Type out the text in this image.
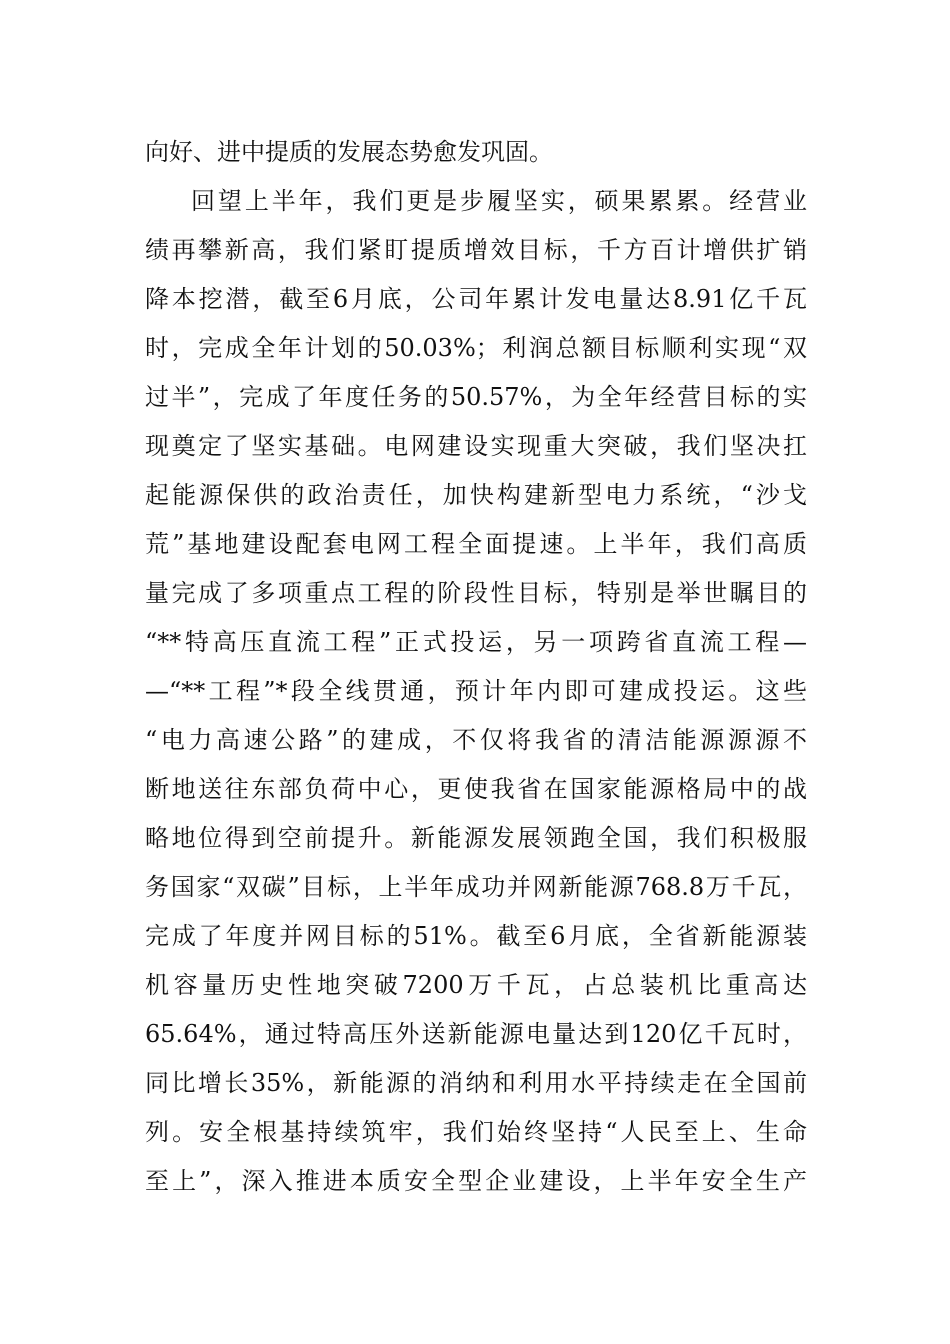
向好、进中提质的发展态势愈发巩固。
回望上半年，我们更是步履坚实，硕果累累。经营业
绩再攀新高，我们紧盯提质增效目标，千方百计增供扩销
降本挖潜，截至6月底，公司年累计发电量达8.91亿千瓦
时，完成全年计划的50.03%；利润总额目标顺利实现“双
过半”，完成了年度任务的50.57%，为全年经营目标的实
现奠定了坚实基础。电网建设实现重大突破，我们坚决扛
起能源保供的政治责任，加快构建新型电力系统，“沙戈
荒”基地建设配套电网工程全面提速。上半年，我们高质
量完成了多项重点工程的阶段性目标，特别是举世瞩目的
“**特高压直流工程”正式投运，另一项跨省直流工程—
—“**工程”*段全线贯通，预计年内即可建成投运。这些
“电力高速公路”的建成，不仅将我省的清洁能源源源不
断地送往东部负荷中心，更使我省在国家能源格局中的战
略地位得到空前提升。新能源发展领跑全国，我们积极服
务国家“双碳”目标，上半年成功并网新能源768.8万千瓦，
完成了年度并网目标的51%。截至6月底，全省新能源装
机容量历史性地突破7200万千瓦，占总装机比重高达
65.64%，通过特高压外送新能源电量达到120亿千瓦时，
同比增长35%，新能源的消纳和利用水平持续走在全国前
列。安全根基持续筑牢，我们始终坚持“人民至上、生命
至上”，深入推进本质安全型企业建设，上半年安全生产
